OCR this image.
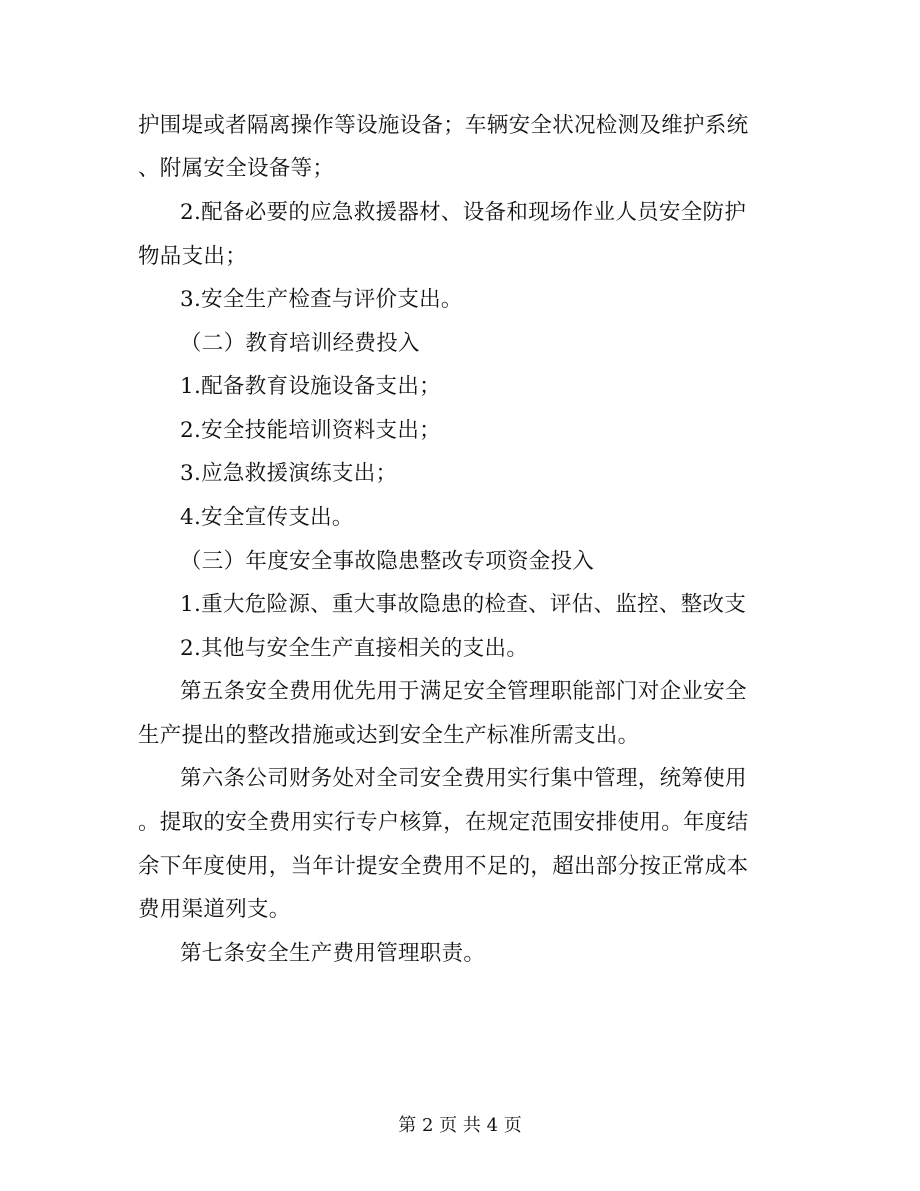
护围堤或者隔离操作等设施设备；车辆安全状况检测及维护系统
、附属安全设备等；
2.配备必要的应急救援器材、设备和现场作业人员安全防护
物品支出；
3.安全生产检查与评价支出。
（二）教育培训经费投入
1.配备教育设施设备支出；
2.安全技能培训资料支出；
3.应急救援演练支出；
4.安全宣传支出。
（三）年度安全事故隐患整改专项资金投入
1.重大危险源、重大事故隐患的检查、评估、监控、整改支
2.其他与安全生产直接相关的支出。
第五条安全费用优先用于满足安全管理职能部门对企业安全
生产提出的整改措施或达到安全生产标准所需支出。
第六条公司财务处对全司安全费用实行集中管理，统筹使用
。提取的安全费用实行专户核算，在规定范围安排使用。年度结
余下年度使用，当年计提安全费用不足的，超出部分按正常成本
费用渠道列支。
第七条安全生产费用管理职责。
第 2 页 共 4 页
